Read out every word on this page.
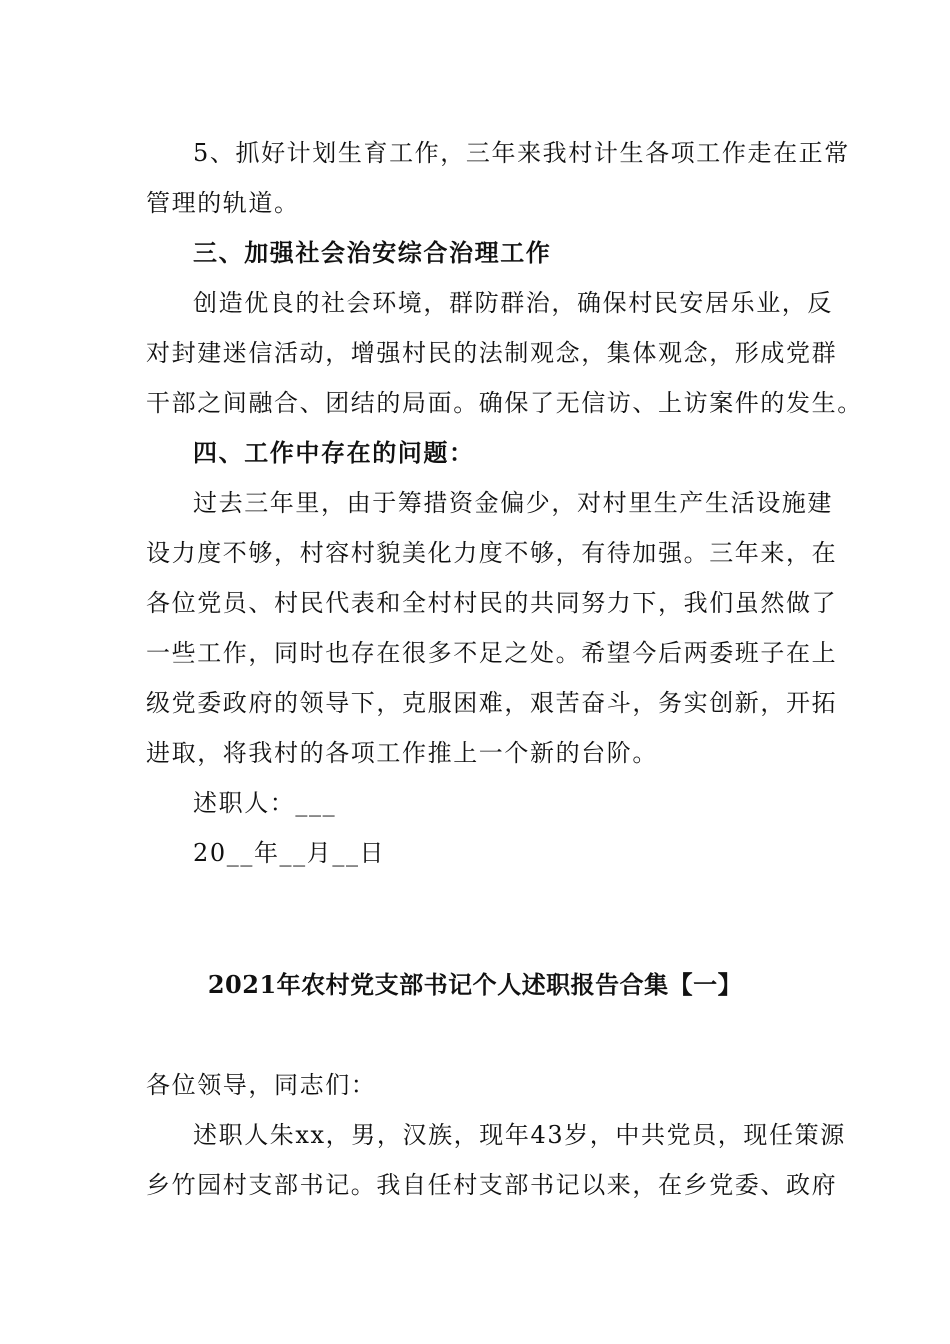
5、抓好计划生育工作，三年来我村计生各项工作走在正常
管理的轨道。
三、加强社会治安综合治理工作
创造优良的社会环境，群防群治，确保村民安居乐业，反
对封建迷信活动，增强村民的法制观念，集体观念，形成党群
干部之间融合、团结的局面。确保了无信访、上访案件的发生。
四、工作中存在的问题：
过去三年里，由于筹措资金偏少，对村里生产生活设施建
设力度不够，村容村貌美化力度不够，有待加强。三年来，在
各位党员、村民代表和全村村民的共同努力下，我们虽然做了
一些工作，同时也存在很多不足之处。希望今后两委班子在上
级党委政府的领导下，克服困难，艰苦奋斗，务实创新，开拓
进取，将我村的各项工作推上一个新的台阶。
述职人：___
20__年__月__日
2021年农村党支部书记个人述职报告合集【一】
各位领导，同志们：
述职人朱xx，男，汉族，现年43岁，中共党员，现任策源
乡竹园村支部书记。我自任村支部书记以来，在乡党委、政府
